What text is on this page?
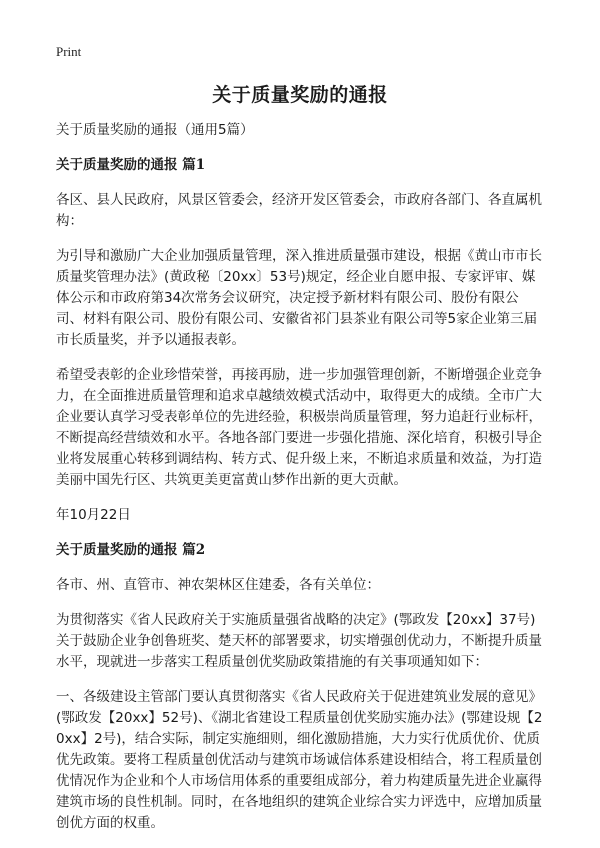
Print
关于质量奖励的通报

关于质量奖励的通报（通用5篇）

关于质量奖励的通报 篇1

各区、县人民政府，风景区管委会，经济开发区管委会，市政府各部门、各直属机构：

为引导和激励广大企业加强质量管理，深入推进质量强市建设，根据《黄山市市长质量奖管理办法》(黄政秘〔20xx〕53号)规定，经企业自愿申报、专家评审、媒体公示和市政府第34次常务会议研究，决定授予新材料有限公司、股份有限公司、材料有限公司、股份有限公司、安徽省祁门县茶业有限公司等5家企业第三届市长质量奖，并予以通报表彰。

希望受表彰的企业珍惜荣誉，再接再励，进一步加强管理创新，不断增强企业竞争力，在全面推进质量管理和追求卓越绩效模式活动中，取得更大的成绩。全市广大企业要认真学习受表彰单位的先进经验，积极崇尚质量管理，努力追赶行业标杆，不断提高经营绩效和水平。各地各部门要进一步强化措施、深化培育，积极引导企业将发展重心转移到调结构、转方式、促升级上来，不断追求质量和效益，为打造美丽中国先行区、共筑更美更富黄山梦作出新的更大贡献。

年10月22日

关于质量奖励的通报 篇2

各市、州、直管市、神农架林区住建委，各有关单位：

为贯彻落实《省人民政府关于实施质量强省战略的决定》(鄂政发【20xx】37号)关于鼓励企业争创鲁班奖、楚天杯的部署要求，切实增强创优动力，不断提升质量水平，现就进一步落实工程质量创优奖励政策措施的有关事项通知如下：

一、各级建设主管部门要认真贯彻落实《省人民政府关于促进建筑业发展的意见》(鄂政发【20xx】52号)、《湖北省建设工程质量创优奖励实施办法》(鄂建设规【20xx】2号)，结合实际，制定实施细则，细化激励措施，大力实行优质优价、优质优先政策。要将工程质量创优活动与建筑市场诚信体系建设相结合，将工程质量创优情况作为企业和个人市场信用体系的重要组成部分，着力构建质量先进企业赢得建筑市场的良性机制。同时，在各地组织的建筑企业综合实力评选中，应增加质量创优方面的权重。
